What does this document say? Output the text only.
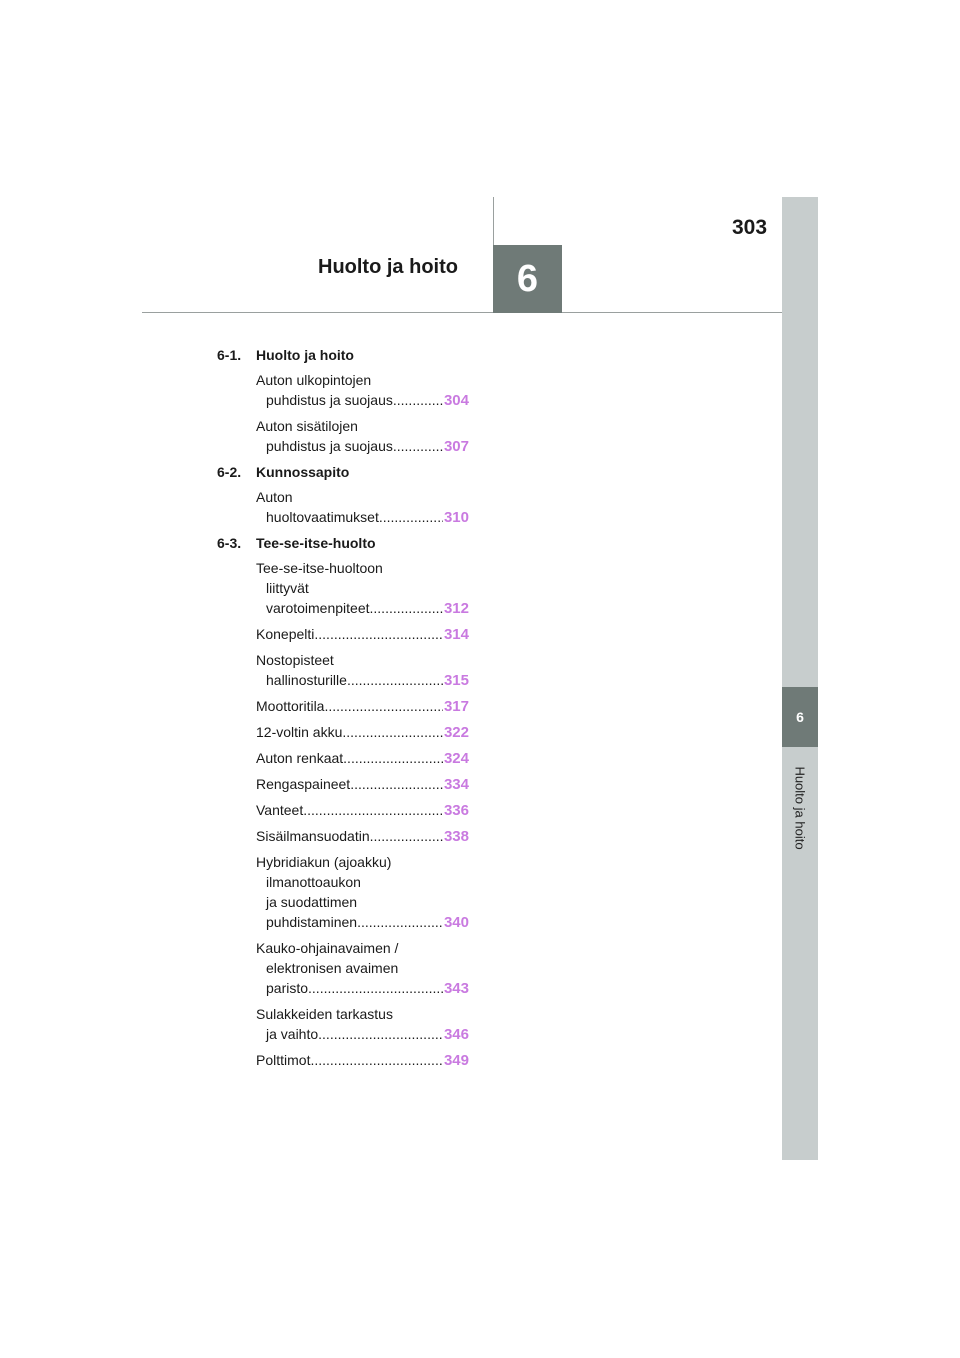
6
Huolto ja hoito
303
Huolto ja hoito	6
6-1. Huolto ja hoito
Auton ulkopintojen
puhdistus ja suojaus .....	304
Auton sisätilojen
puhdistus ja suojaus .....	307
6-2. Kunnossapito
Auton
huoltovaatimukset .....	310
6-3. Tee-se-itse-huolto
Tee-se-itse-huoltoon
liittyvät
varotoimenpiteet .....	312
Konepelti .....	314
Nostopisteet
hallinosturille .....	315
Moottoritila .....	317
12-voltin akku .....	322
Auton renkaat .....	324
Rengaspaineet .....	334
Vanteet .....	336
Sisäilmansuodatin .....	338
Hybridiakun (ajoakku)
ilmanottoaukon
ja suodattimen
puhdistaminen .....	340
Kauko-ohjainavaimen /
elektronisen avaimen
paristo .....	343
Sulakkeiden tarkastus
ja vaihto .....	346
Polttimot .....	349
